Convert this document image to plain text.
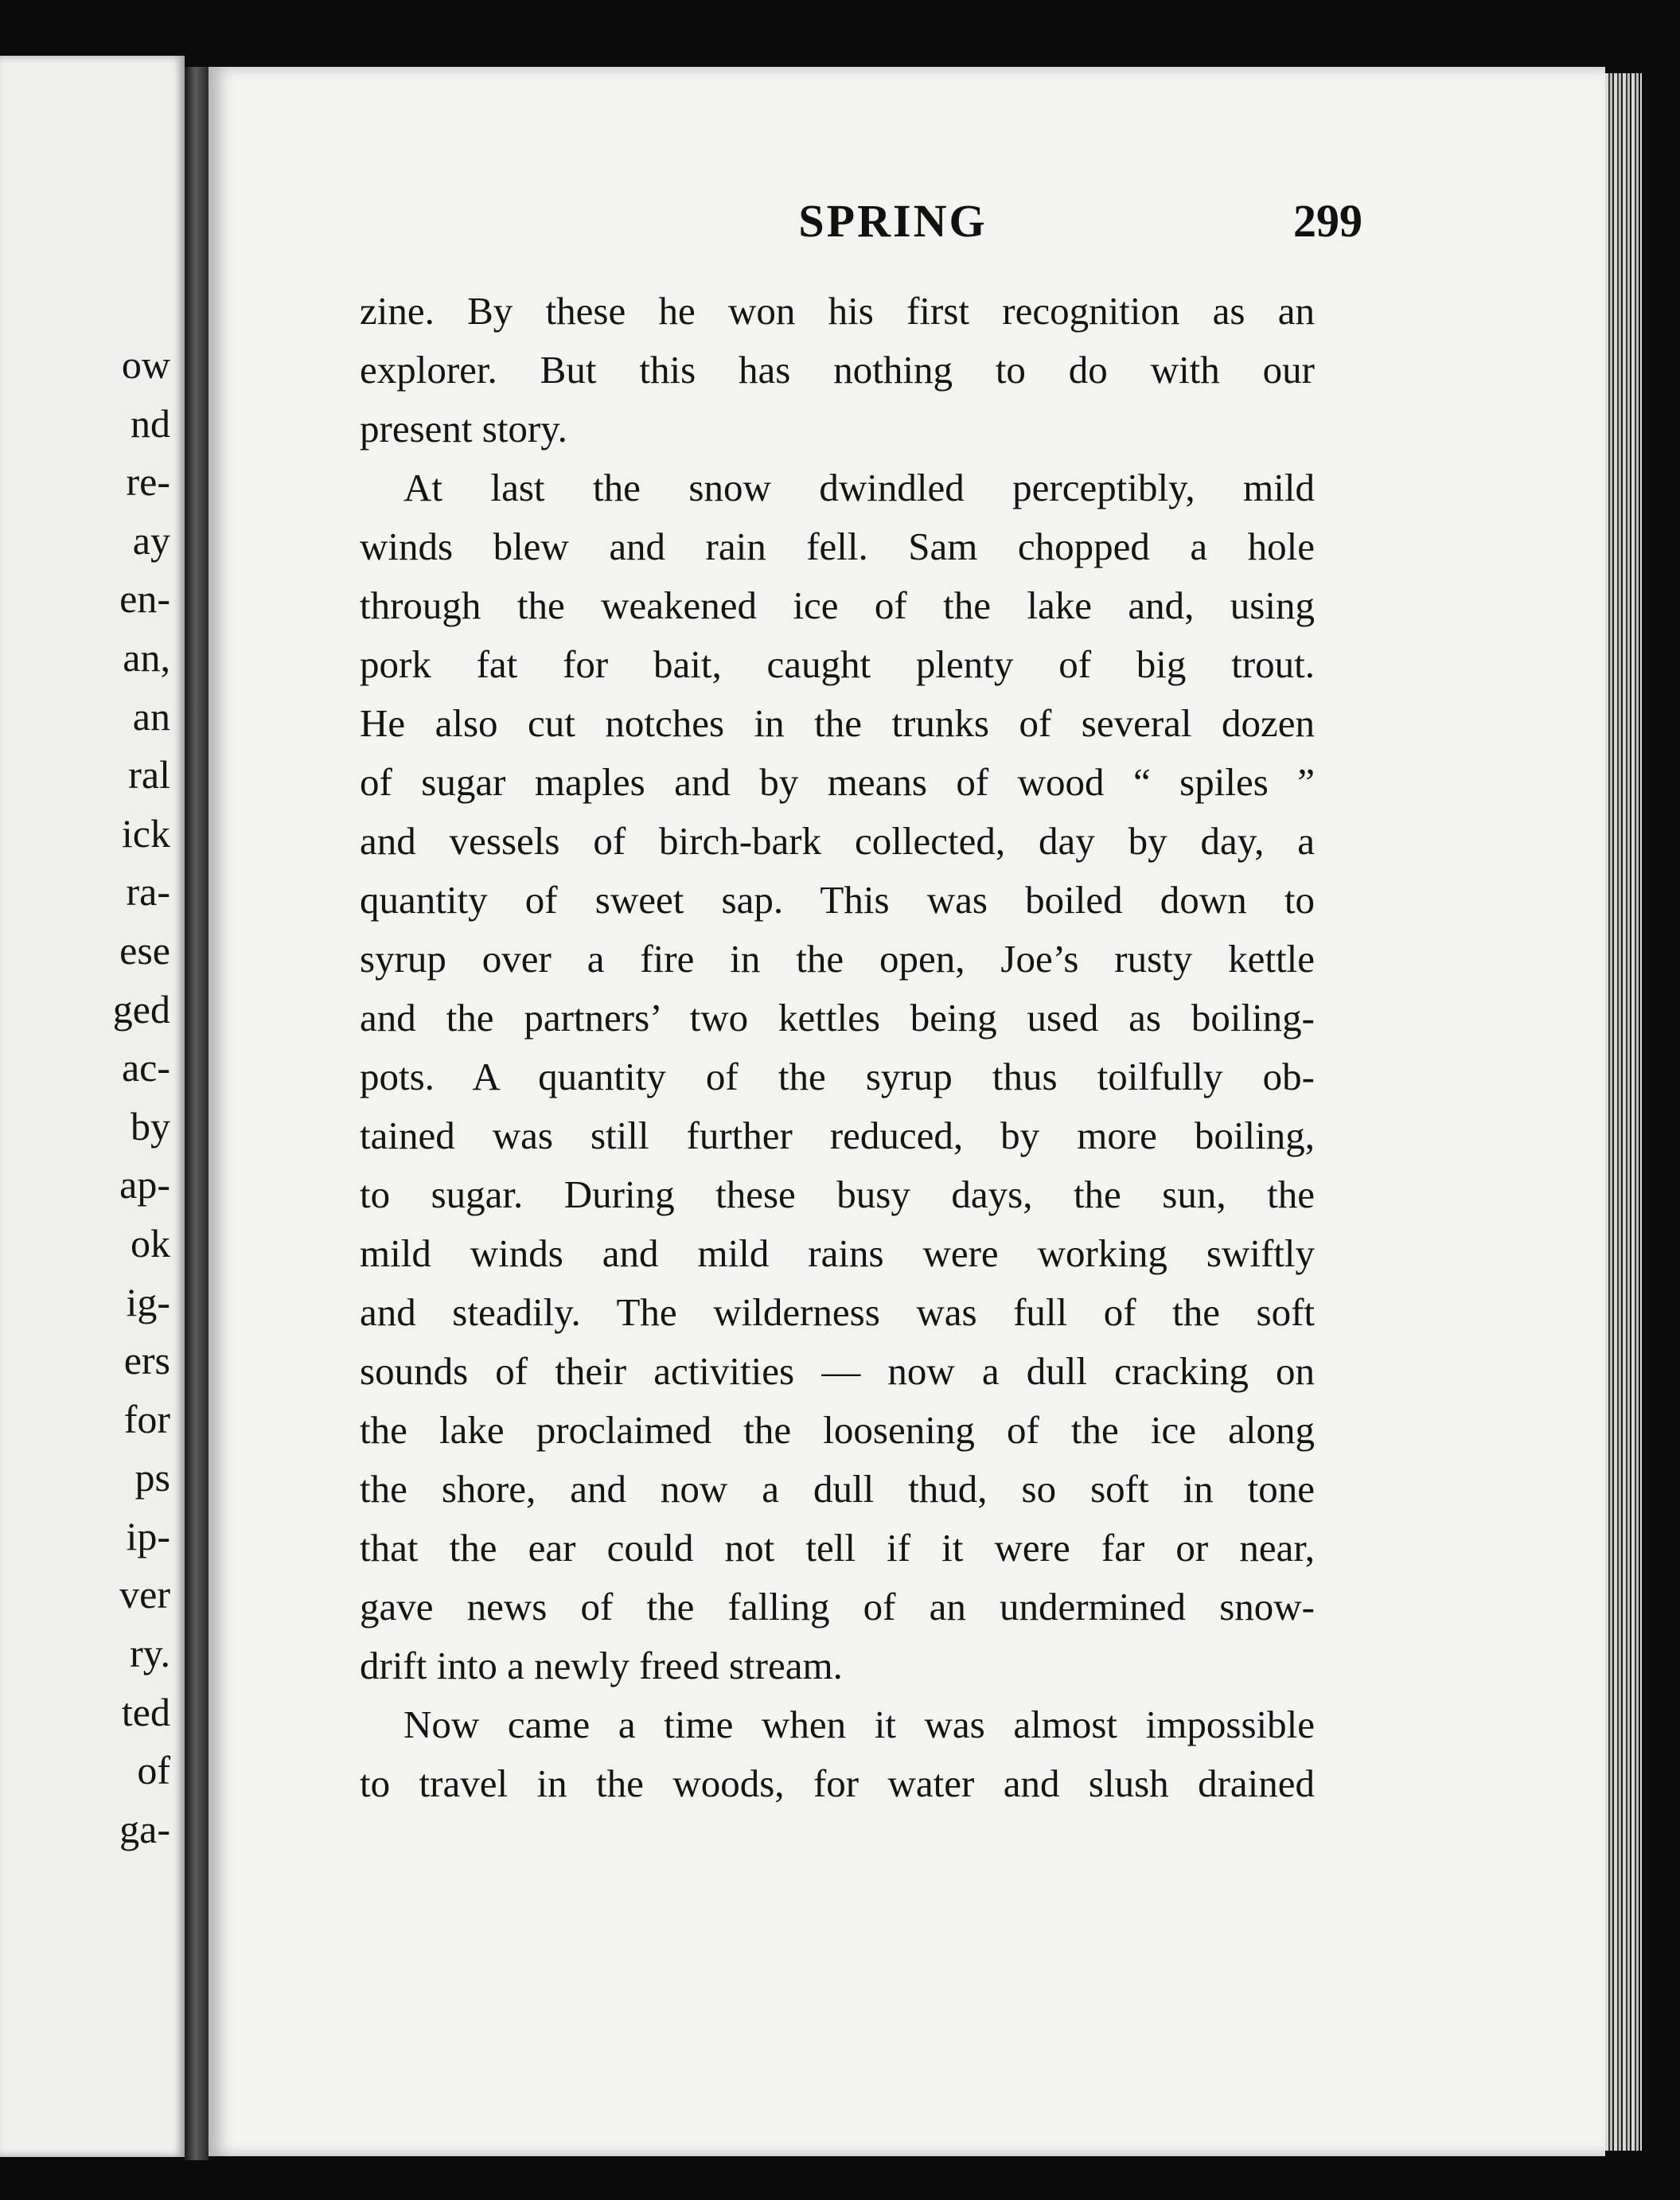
ow
nd
re-
ay
en-
an,
an
ral
ick
ra-
ese
ged
ac-
by
ap-
ok
ig-
ers
for
ps
ip-
ver
ry.
ted
of
ga-
SPRING	299
zine. By these he won his first recognition as an
explorer. But this has nothing to do with our
present story.
At last the snow dwindled perceptibly, mild
winds blew and rain fell. Sam chopped a hole
through the weakened ice of the lake and, using
pork fat for bait, caught plenty of big trout.
He also cut notches in the trunks of several dozen
of sugar maples and by means of wood “ spiles ”
and vessels of birch-bark collected, day by day, a
quantity of sweet sap. This was boiled down to
syrup over a fire in the open, Joe’s rusty kettle
and the partners’ two kettles being used as boiling-
pots. A quantity of the syrup thus toilfully ob-
tained was still further reduced, by more boiling,
to sugar. During these busy days, the sun, the
mild winds and mild rains were working swiftly
and steadily. The wilderness was full of the soft
sounds of their activities — now a dull cracking on
the lake proclaimed the loosening of the ice along
the shore, and now a dull thud, so soft in tone
that the ear could not tell if it were far or near,
gave news of the falling of an undermined snow-
drift into a newly freed stream.
Now came a time when it was almost impossible
to travel in the woods, for water and slush drained
